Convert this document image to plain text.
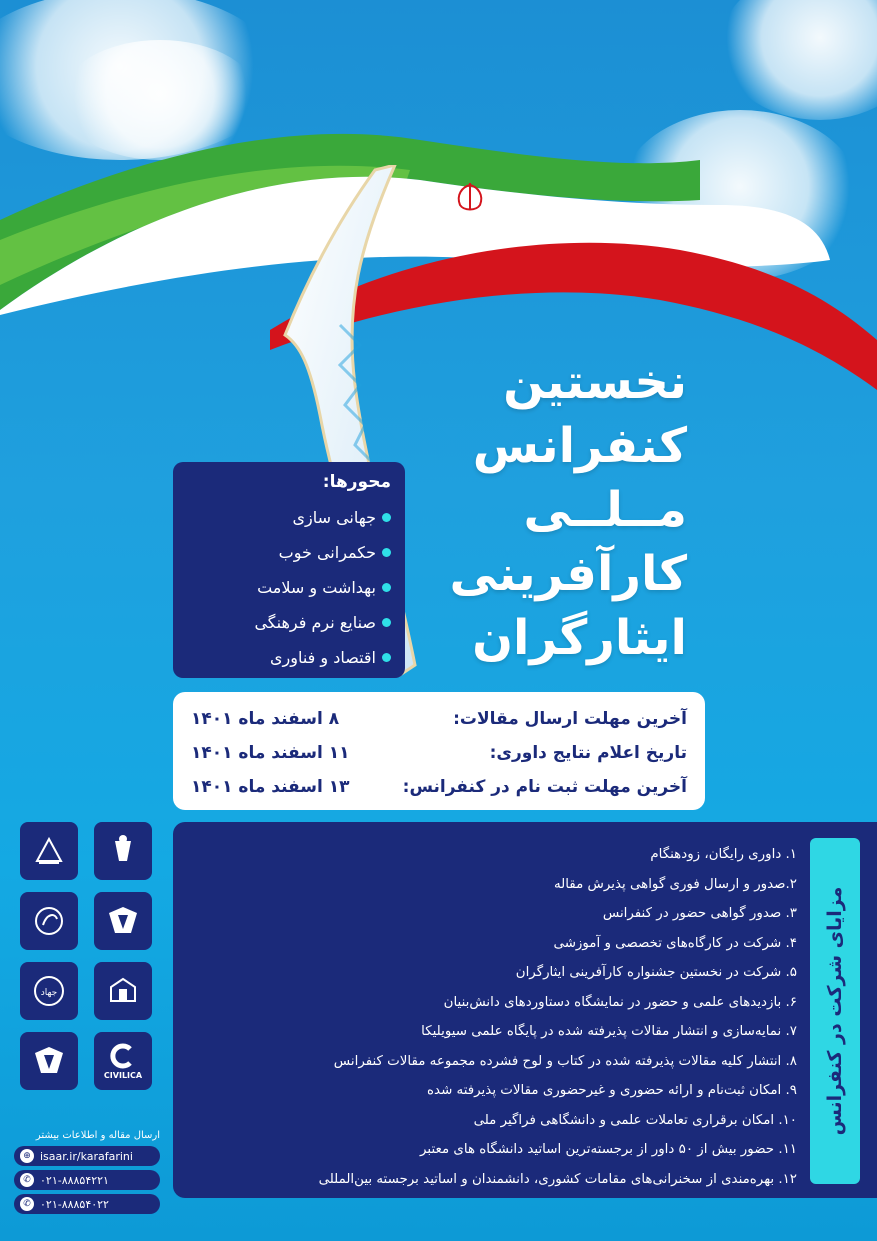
نخستین
کنفرانس
مــلــی
کارآفرینی
ایثارگران
محورها:
جهانی سازی
حکمرانی خوب
بهداشت و سلامت
صنایع نرم فرهنگی
اقتصاد و فناوری
آخرین مهلت ارسال مقالات:
۸ اسفند ماه ۱۴۰۱
تاریخ اعلام نتایج داوری:
۱۱ اسفند ماه ۱۴۰۱
آخرین مهلت ثبت نام در کنفرانس:
۱۳ اسفند ماه ۱۴۰۱
۱. داوری رایگان، زودهنگام
۲.صدور و ارسال فوری گواهی پذیرش مقاله
۳. صدور گواهی حضور در کنفرانس
۴. شرکت در کارگاه‌های تخصصی و آموزشی
۵. شرکت در نخستین جشنواره کارآفرینی ایثارگران
۶. بازدیدهای علمی و حضور در نمایشگاه دستاوردهای دانش‌بنیان
۷. نمایه‌سازی و انتشار مقالات پذیرفته شده در پایگاه علمی سیویلیکا
۸. انتشار کلیه مقالات پذیرفته شده در کتاب و لوح فشرده مجموعه مقالات کنفرانس
۹. امکان ثبت‌نام و ارائه حضوری و غیرحضوری مقالات پذیرفته شده
۱۰. امکان برقراری تعاملات علمی و دانشگاهی فراگیر ملی
۱۱. حضور بیش از ۵۰ داور از برجسته‌ترین اساتید دانشگاه های معتبر
۱۲. بهره‌مندی از سخنرانی‌های مقامات کشوری، دانشمندان و اساتید برجسته بین‌المللی
مزایای شرکت در کنفرانس
جهاد
CIVILICA
ارسال مقاله و اطلاعات بیشتر
⊕ isaar.ir/karafarini
✆ ۰۲۱-۸۸۸۵۴۲۲۱
✆ ۰۲۱-۸۸۸۵۴۰۲۲
